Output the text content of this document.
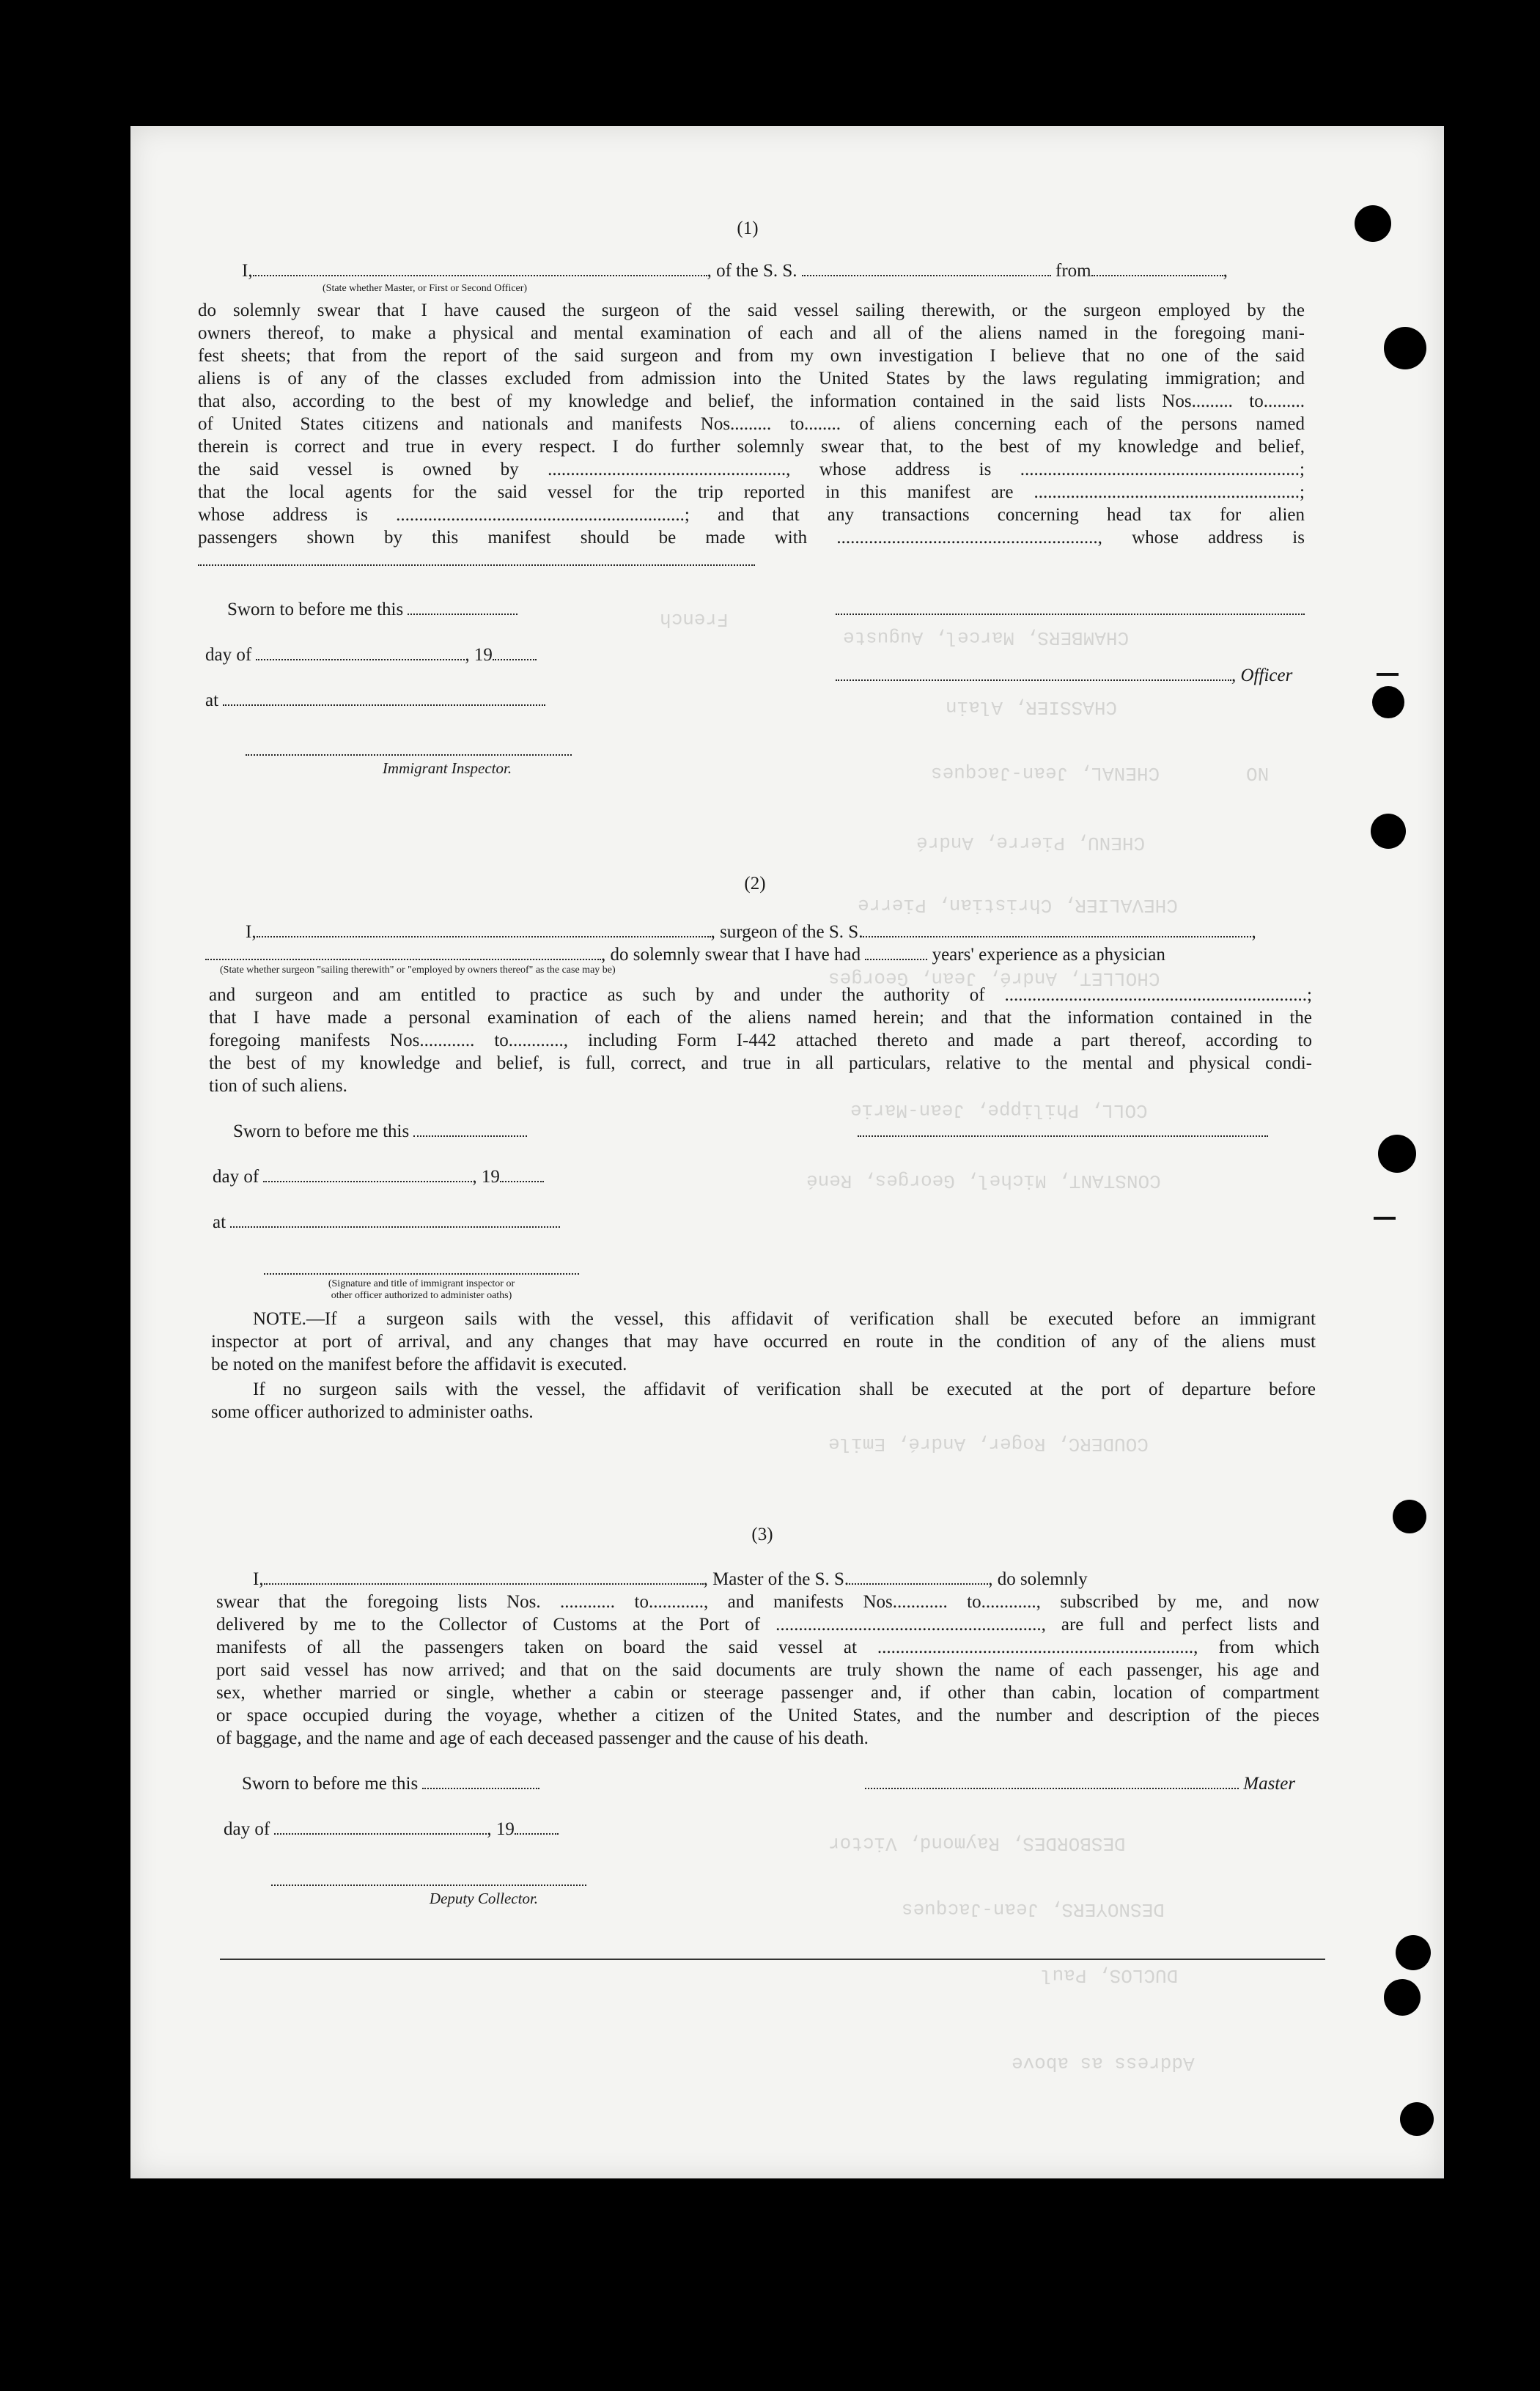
CHAMBERS, Marcel, Auguste
CHASSIER, Alain
CHENAL, Jean-Jacques
CHENU, Pierre, André
CHEVALIER, Christian, Pierre
CHOLLET, André, Jean, Georges
COLL, Philippe, Jean-Marie
CONSTANT, Michel, Georges, René
COUDERC, Roger, André, Emile
DESBORDES, Raymond, Victor
DESNOYERS, Jean-Jacques
DUCLOS, Paul
Address as above
French
NO
(1)
I,	, of the S. S.	from	,
(State whether Master, or First or Second Officer)
do solemnly swear that I have caused the surgeon of the said vessel sailing therewith, or the surgeon employed by the
owners thereof, to make a physical and mental examination of each and all of the aliens named in the foregoing mani-
fest sheets; that from the report of the said surgeon and from my own investigation I believe that no one of the said
aliens is of any of the classes excluded from admission into the United States by the laws regulating immigration; and
that also, according to the best of my knowledge and belief, the information contained in the said lists Nos......... to.........
of United States citizens and nationals and manifests Nos......... to........ of aliens concerning each of the persons named
therein is correct and true in every respect. I do further solemnly swear that, to the best of my knowledge and belief,
the said vessel is owned by ...................................................., whose address is .............................................................;
that the local agents for the said vessel for the trip reported in this manifest are ..........................................................;
whose address is ...............................................................; and that any transactions concerning head tax for alien
passengers shown by this manifest should be made with ........................................................., whose address is
Sworn to before me this
day of	, 19
at
, Officer
Immigrant Inspector.
(2)
I,	, surgeon of the S. S.	,
, do solemnly swear that I have had	years' experience as a physician
(State whether surgeon "sailing therewith" or "employed by owners thereof" as the case may be)
and surgeon and am entitled to practice as such by and under the authority of ..................................................................;
that I have made a personal examination of each of the aliens named herein; and that the information contained in the
foregoing manifests Nos............ to............, including Form I-442 attached thereto and made a part thereof, according to
the best of my knowledge and belief, is full, correct, and true in all particulars, relative to the mental and physical condi-
tion of such aliens.
Sworn to before me this
day of	, 19
at
(Signature and title of immigrant inspector or
other officer authorized to administer oaths)
NOTE.—If a surgeon sails with the vessel, this affidavit of verification shall be executed before an immigrant
inspector at port of arrival, and any changes that may have occurred en route in the condition of any of the aliens must
be noted on the manifest before the affidavit is executed.
If no surgeon sails with the vessel, the affidavit of verification shall be executed at the port of departure before
some officer authorized to administer oaths.
(3)
I,	, Master of the S. S.	, do solemnly
swear that the foregoing lists Nos. ............ to............, and manifests Nos............ to............, subscribed by me, and now
delivered by me to the Collector of Customs at the Port of .........................................................., are full and perfect lists and
manifests of all the passengers taken on board the said vessel at ....................................................................., from which
port said vessel has now arrived; and that on the said documents are truly shown the name of each passenger, his age and
sex, whether married or single, whether a cabin or steerage passenger and, if other than cabin, location of compartment
or space occupied during the voyage, whether a citizen of the United States, and the number and description of the pieces
of baggage, and the name and age of each deceased passenger and the cause of his death.
Sworn to before me this	Master
day of	, 19
Deputy Collector.
